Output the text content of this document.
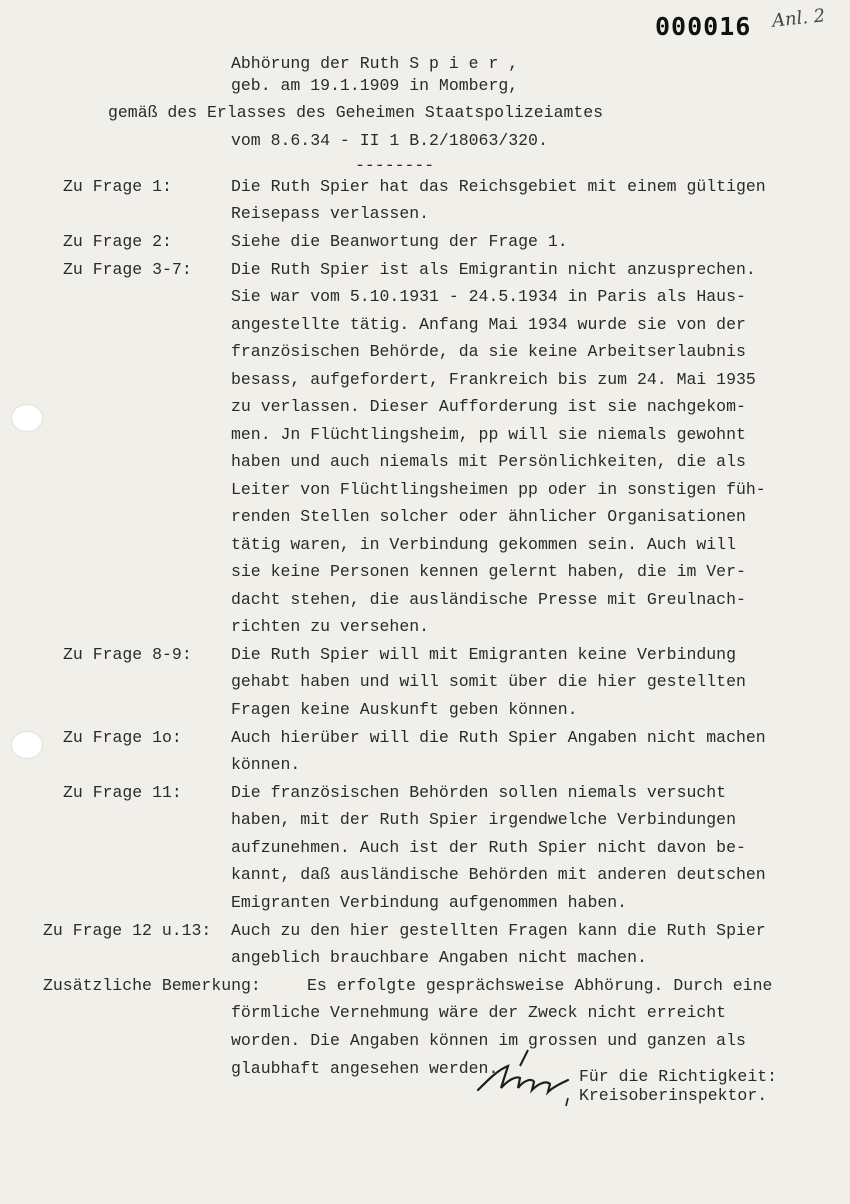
000016 Anl. 2
Abhörung der Ruth S p i e r ,
geb. am 19.1.1909 in Momberg,
gemäß des Erlasses des Geheimen Staatspolizeiamtes
vom 8.6.34 - II 1 B.2/18063/320.
--------
Zu Frage 1:	Die Ruth Spier hat das Reichsgebiet mit einem gültigen
Reisepass verlassen.
Zu Frage 2:	Siehe die Beanwortung der Frage 1.
Zu Frage 3-7: Die Ruth Spier ist als Emigrantin nicht anzusprechen.
Sie war vom 5.10.1931 - 24.5.1934 in Paris als Haus-
angestellte tätig. Anfang Mai 1934 wurde sie von der
französischen Behörde, da sie keine Arbeitserlaubnis
besass, aufgefordert, Frankreich bis zum 24. Mai 1935
zu verlassen. Dieser Aufforderung ist sie nachgekom-
men. Jn Flüchtlingsheim, pp will sie niemals gewohnt
haben und auch niemals mit Persönlichkeiten, die als
Leiter von Flüchtlingsheimen pp oder in sonstigen füh-
renden Stellen solcher oder ähnlicher Organisationen
tätig waren, in Verbindung gekommen sein. Auch will
sie keine Personen kennen gelernt haben, die im Ver-
dacht stehen, die ausländische Presse mit Greulnach-
richten zu versehen.
Zu Frage 8-9: Die Ruth Spier will mit Emigranten keine Verbindung
gehabt haben und will somit über die hier gestellten
Fragen keine Auskunft geben können.
Zu Frage 1o:	Auch hierüber will die Ruth Spier Angaben nicht machen
können.
Zu Frage 11:	Die französischen Behörden sollen niemals versucht
haben, mit der Ruth Spier irgendwelche Verbindungen
aufzunehmen. Auch ist der Ruth Spier nicht davon be-
kannt, daß ausländische Behörden mit anderen deutschen
Emigranten Verbindung aufgenommen haben.
Zu Frage 12 u.13: Auch zu den hier gestellten Fragen kann die Ruth Spier
angeblich brauchbare Angaben nicht machen.
Zusätzliche Bemerkung:	Es erfolgte gesprächsweise Abhörung. Durch eine
förmliche Vernehmung wäre der Zweck nicht erreicht
worden. Die Angaben können im grossen und ganzen als
glaubhaft angesehen werden.	Für die Richtigkeit:
Kreisoberinspektor.
